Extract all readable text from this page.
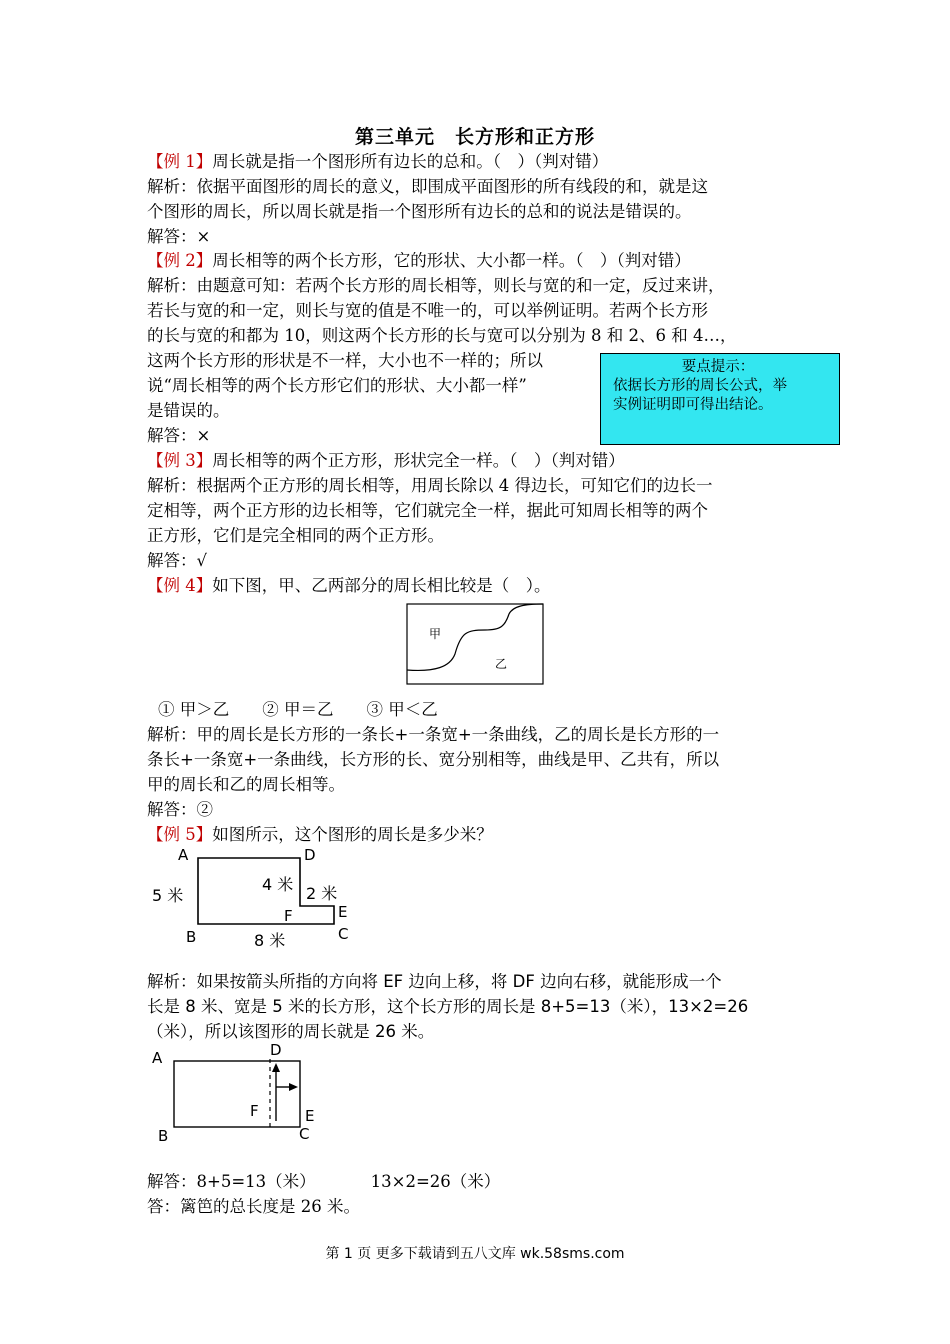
第三单元　长方形和正方形
【例 1】周长就是指一个图形所有边长的总和。（　）（判对错）
解析：依据平面图形的周长的意义，即围成平面图形的所有线段的和，就是这
个图形的周长，所以周长就是指一个图形所有边长的总和的说法是错误的。
解答：×
【例 2】周长相等的两个长方形，它的形状、大小都一样。（　）（判对错）
解析：由题意可知：若两个长方形的周长相等，则长与宽的和一定，反过来讲，
若长与宽的和一定，则长与宽的值是不唯一的，可以举例证明。若两个长方形
的长与宽的和都为 10，则这两个长方形的长与宽可以分别为 8 和 2、6 和 4…，
这两个长方形的形状是不一样，大小也不一样的；所以
说“周长相等的两个长方形它们的形状、大小都一样”
是错误的。
解答：×
要点提示：
依据长方形的周长公式，举
实例证明即可得出结论。
【例 3】周长相等的两个正方形，形状完全一样。（　）（判对错）
解析：根据两个正方形的周长相等，用周长除以 4 得边长，可知它们的边长一
定相等，两个正方形的边长相等，它们就完全一样，据此可知周长相等的两个
正方形，它们是完全相同的两个正方形。
解答：√
【例 4】如下图，甲、乙两部分的周长相比较是（　）。
甲
乙
① 甲＞乙　　② 甲＝乙　　③ 甲＜乙
解析：甲的周长是长方形的一条长+一条宽+一条曲线，乙的周长是长方形的一
条长+一条宽+一条曲线，长方形的长、宽分别相等，曲线是甲、乙共有，所以
甲的周长和乙的周长相等。
解答：②
【例 5】如图所示，这个图形的周长是多少米？
A	D
B	C
E
F
5 米
8 米
4 米 2 米
解析：如果按箭头所指的方向将 EF 边向上移，将 DF 边向右移，就能形成一个
长是 8 米、宽是 5 米的长方形，这个长方形的周长是 8+5=13（米），13×2=26
（米），所以该图形的周长就是 26 米。
A	D
B	C
E
F
解答：8+5=13（米）	13×2=26（米）
答：篱笆的总长度是 26 米。
第 1 页 更多下载请到五八文库 wk.58sms.com
